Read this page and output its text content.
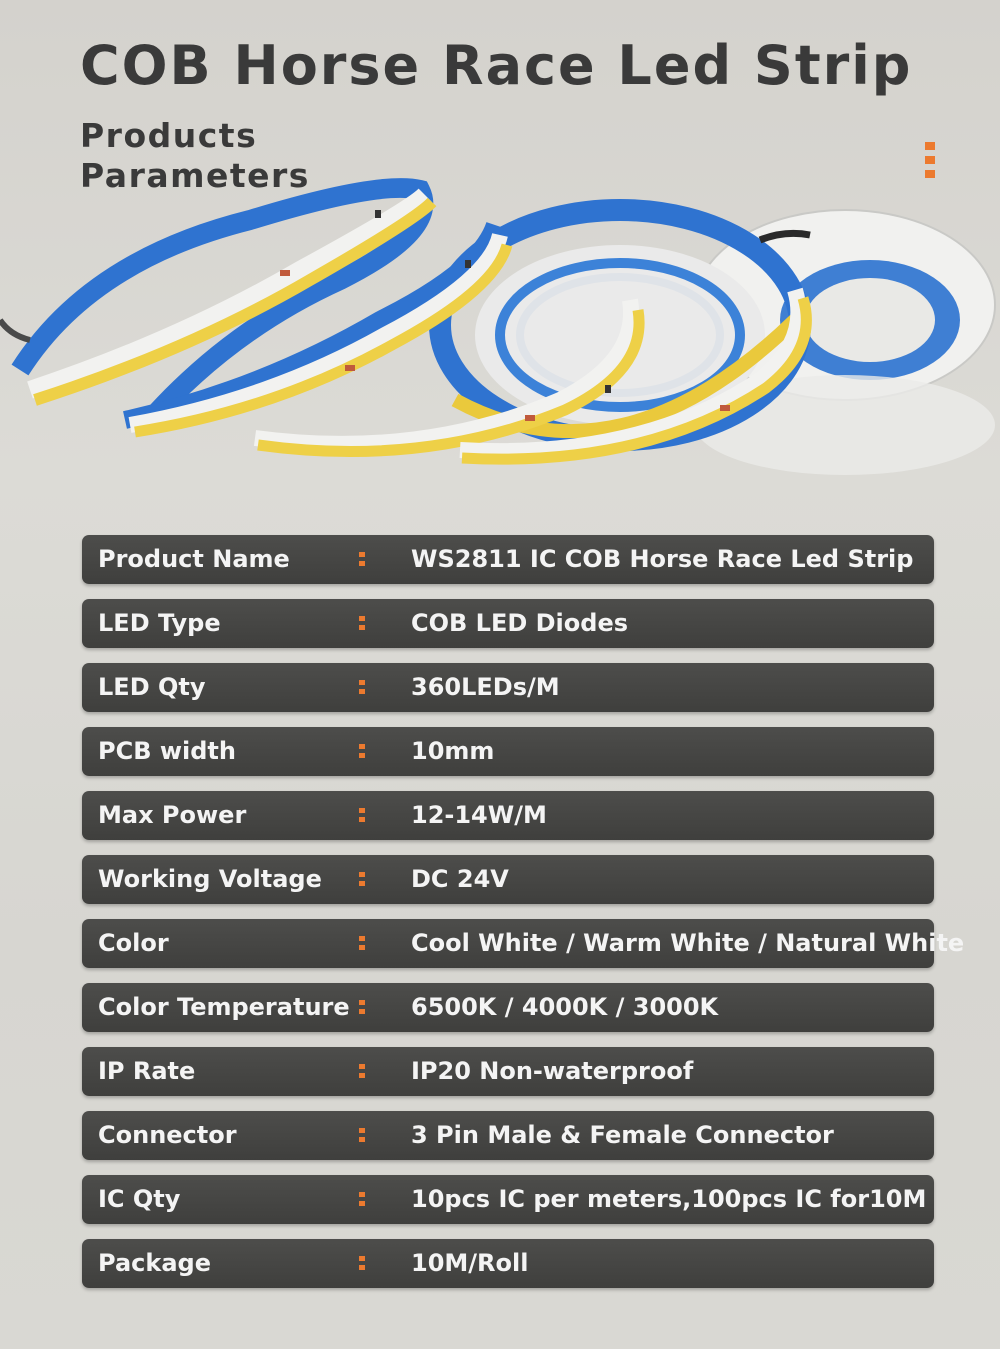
COB Horse Race Led Strip
Products Parameters
Product Name	WS2811 IC COB Horse Race Led Strip
LED Type	COB LED Diodes
LED Qty	360LEDs/M
PCB width	10mm
Max Power	12-14W/M
Working Voltage	DC 24V
Color	Cool White / Warm White / Natural White
Color Temperature	6500K / 4000K / 3000K
IP Rate	IP20 Non-waterproof
Connector	3 Pin Male & Female Connector
IC Qty	10pcs IC per meters,100pcs IC for10M
Package	10M/Roll
